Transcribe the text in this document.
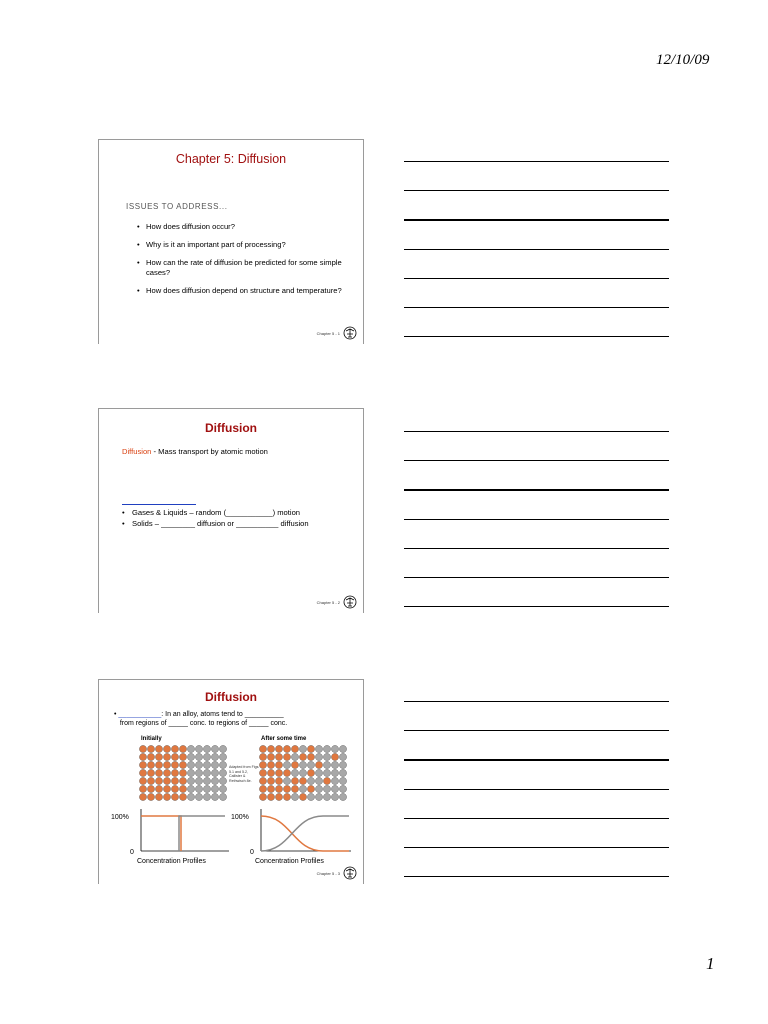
12/10/09
Chapter 5: Diffusion
ISSUES TO ADDRESS...
• How does diffusion occur?
• Why is it an important part of processing?
• How can the rate of diffusion be predicted for some simple cases?
• How does diffusion depend on structure and temperature?
Chapter 5 - 1
Diffusion
Diffusion - Mass transport by atomic motion
• Gases & Liquids – random (___________) motion
• Solids – ________ diffusion or __________ diffusion
Chapter 5 - 2
Diffusion
• ___________: In an alloy, atoms tend to __________
from regions of _____ conc. to regions of _____ conc.
Initially	After some time
Adapted from Figs. 5.1 and 5.2, Callister & Rethwisch 8e.
100%
0
Concentration Profiles
100%
0
Concentration Profiles
Chapter 5 - 3
1
